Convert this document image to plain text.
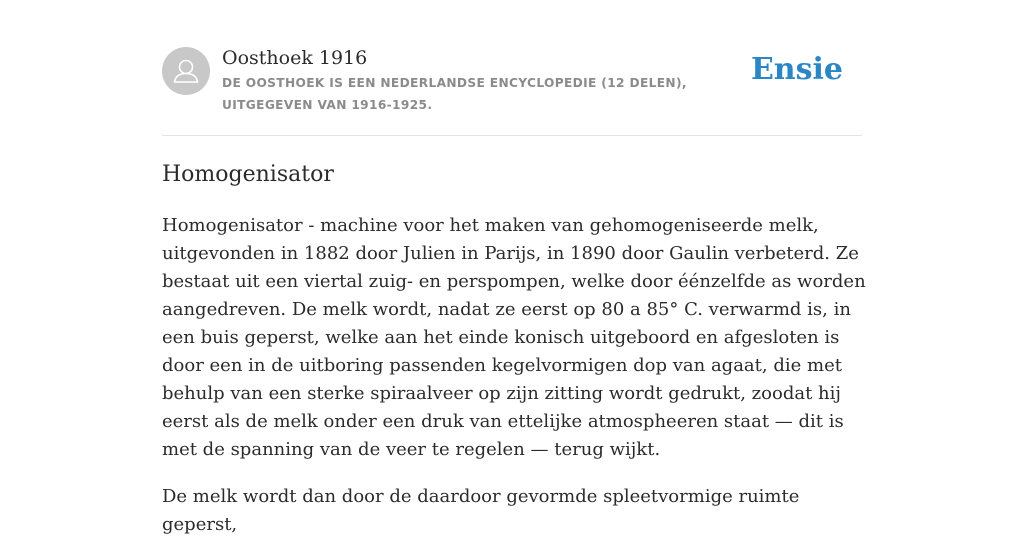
Oosthoek 1916
DE OOSTHOEK IS EEN NEDERLANDSE ENCYCLOPEDIE (12 DELEN), UITGEGEVEN VAN 1916-1925.
Ensie
Homogenisator

Homogenisator - machine voor het maken van gehomogeniseerde melk, uitgevonden in 1882 door Julien in Parijs, in 1890 door Gaulin verbeterd. Ze bestaat uit een viertal zuig- en perspompen, welke door éénzelfde as worden aangedreven. De melk wordt, nadat ze eerst op 80 a 85° C. verwarmd is, in een buis geperst, welke aan het einde konisch uitgeboord en afgesloten is door een in de uitboring passenden kegelvormigen dop van agaat, die met behulp van een sterke spiraalveer op zijn zitting wordt gedrukt, zoodat hij eerst als de melk onder een druk van ettelijke atmospheeren staat — dit is met de spanning van de veer te regelen — terug wijkt.

De melk wordt dan door de daardoor gevormde spleetvormige ruimte geperst,
